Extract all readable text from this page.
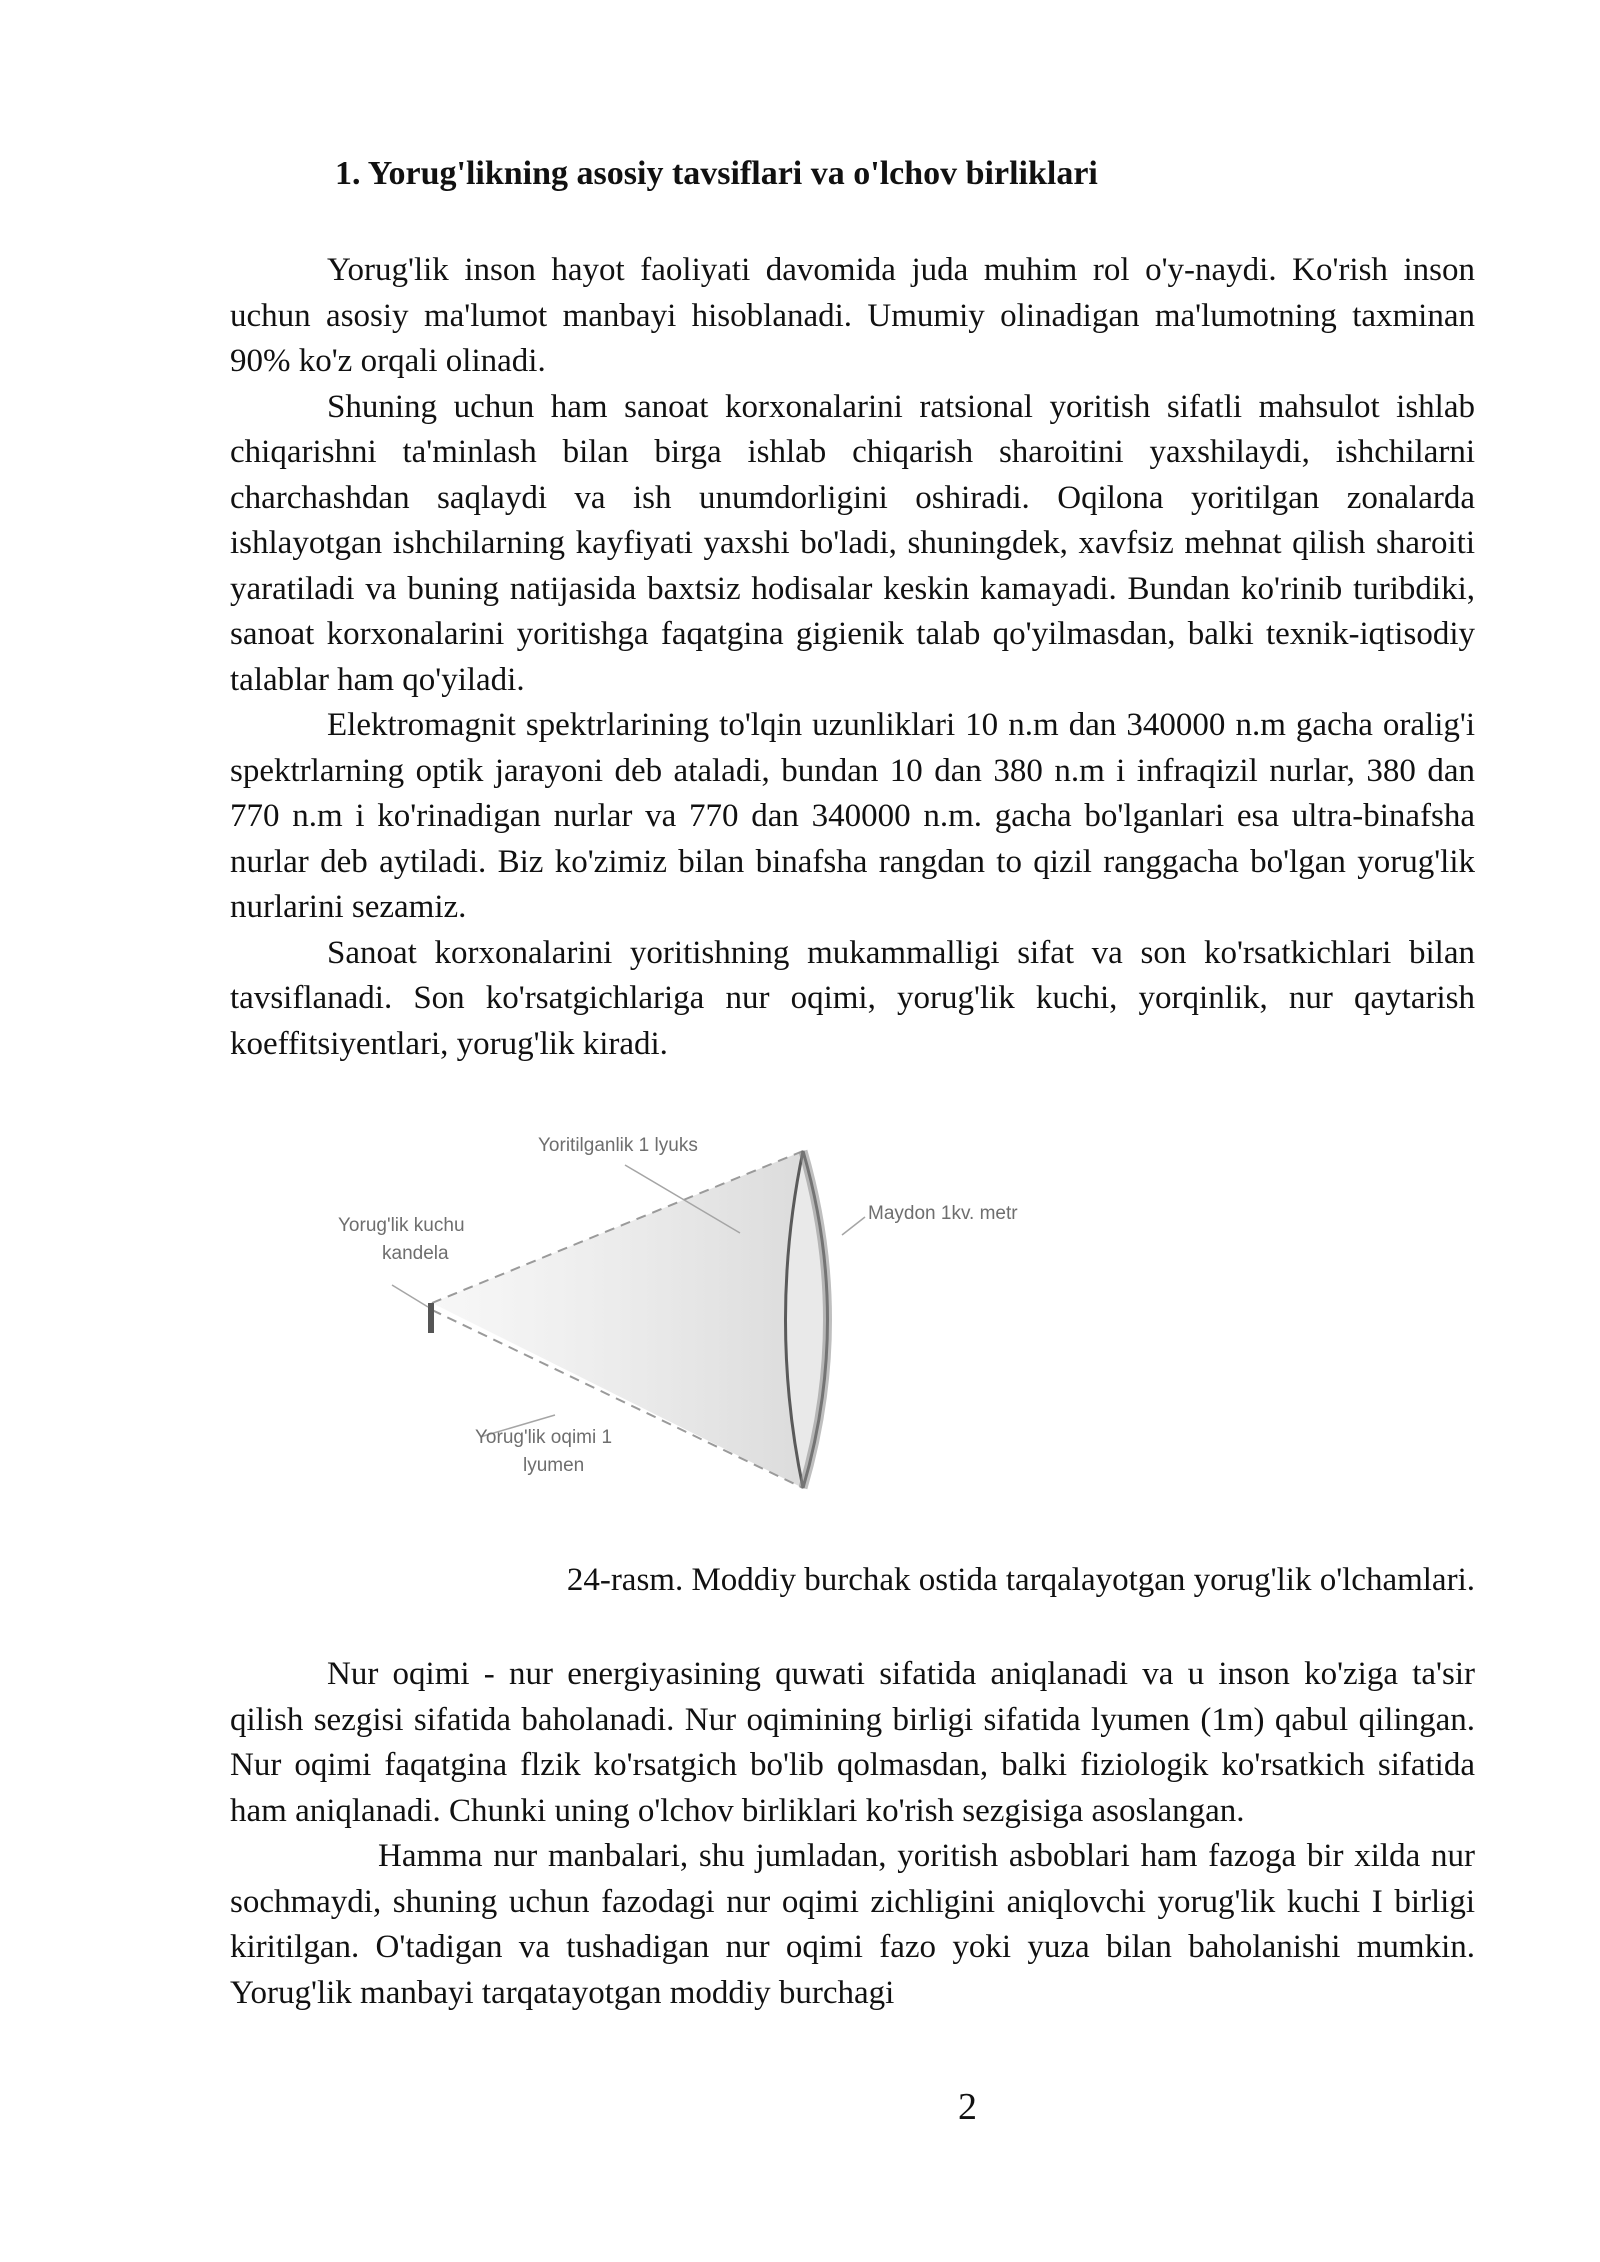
1. Yorug'likning asosiy tavsiflari va o'lchov birliklari

Yorug'lik inson hayot faoliyati davomida juda muhim rol o'y-naydi. Ko'rish inson uchun asosiy ma'lumot manbayi hisoblanadi. Umumiy olinadigan ma'lumotning taxminan 90% ko'z orqali olinadi.

Shuning uchun ham sanoat korxonalarini ratsional yoritish sifatli mahsulot ishlab chiqarishni ta'minlash bilan birga ishlab chiqarish sharoitini yaxshilaydi, ishchilarni charchashdan saqlaydi va ish unumdorligini oshiradi. Oqilona yoritilgan zonalarda ishlayotgan ishchilarning kayfiyati yaxshi bo'ladi, shuningdek, xavfsiz mehnat qilish sharoiti yaratiladi va buning natijasida baxtsiz hodisalar keskin kamayadi. Bundan ko'rinib turibdiki, sanoat korxonalarini yoritishga faqatgina gigienik talab qo'yilmasdan, balki texnik-iqtisodiy talablar ham qo'yiladi.

Elektromagnit spektrlarining to'lqin uzunliklari 10 n.m dan 340000 n.m gacha oralig'i spektrlarning optik jarayoni deb ataladi, bundan 10 dan 380 n.m i infraqizil nurlar, 380 dan 770 n.m i ko'rinadigan nurlar va 770 dan 340000 n.m. gacha bo'lganlari esa ultra-binafsha nurlar deb aytiladi. Biz ko'zimiz bilan binafsha rangdan to qizil ranggacha bo'lgan yorug'lik nurlarini sezamiz.

Sanoat korxonalarini yoritishning mukammalligi sifat va son ko'rsatkichlari bilan tavsiflanadi. Son ko'rsatgichlariga nur oqimi, yorug'lik kuchi, yorqinlik, nur qaytarish koeffitsiyentlari, yorug'lik kiradi.

Yoritilganlik 1 lyuks
Maydon 1kv. metr
Yorug'lik kuchu
kandela
Yorug'lik oqimi 1
lyumen
24-rasm. Moddiy burchak ostida tarqalayotgan yorug'lik o'lchamlari.

Nur oqimi - nur energiyasining quwati sifatida aniqlanadi va u inson ko'ziga ta'sir qilish sezgisi sifatida baholanadi. Nur oqimining birligi sifatida lyumen (1m) qabul qilingan. Nur oqimi faqatgina flzik ko'rsatgich bo'lib qolmasdan, balki fiziologik ko'rsatkich sifatida ham aniqlanadi. Chunki uning o'lchov birliklari ko'rish sezgisiga asoslangan.

Hamma nur manbalari, shu jumladan, yoritish asboblari ham fazoga bir xilda nur sochmaydi, shuning uchun fazodagi nur oqimi zichligini aniqlovchi yorug'lik kuchi I birligi kiritilgan. O'tadigan va tushadigan nur oqimi fazo yoki yuza bilan baholanishi mumkin. Yorug'lik manbayi tarqatayotgan moddiy burchagi

2
